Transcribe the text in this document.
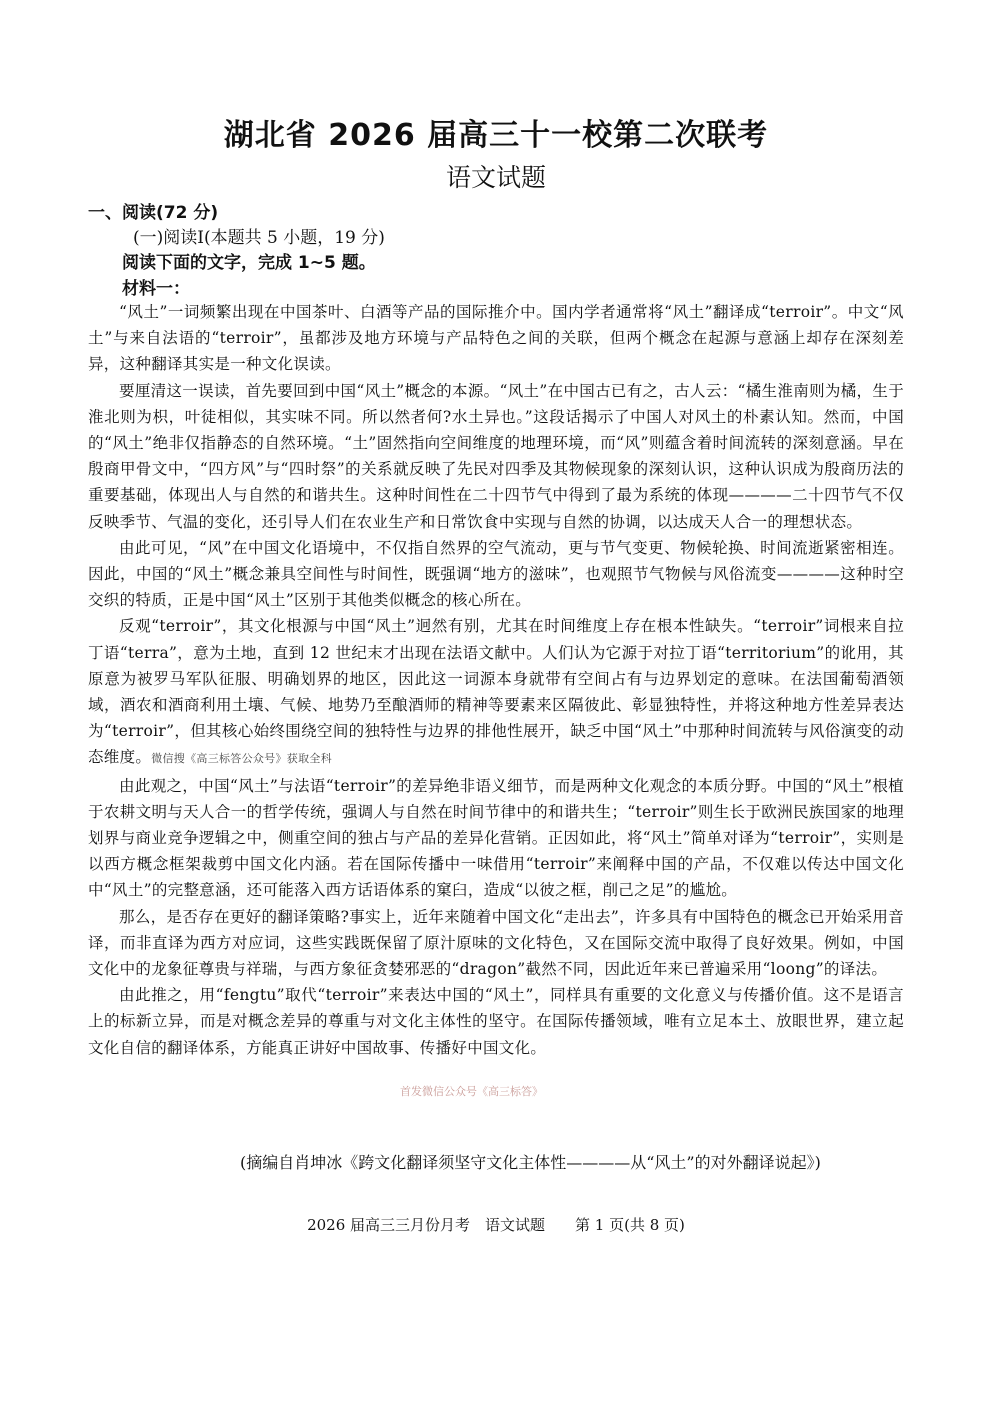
湖北省 2026 届高三十一校第二次联考
语文试题
一、阅读(72 分)
(一)阅读Ⅰ(本题共 5 小题，19 分)
阅读下面的文字，完成 1~5 题。
材料一：

“风土”一词频繁出现在中国茶叶、白酒等产品的国际推介中。国内学者通常将“风土”翻译成“terroir”。中文“风土”与来自法语的“terroir”，虽都涉及地方环境与产品特色之间的关联，但两个概念在起源与意涵上却存在深刻差异，这种翻译其实是一种文化误读。

要厘清这一误读，首先要回到中国“风土”概念的本源。“风土”在中国古已有之，古人云：“橘生淮南则为橘，生于淮北则为枳，叶徒相似，其实味不同。所以然者何?水土异也。”这段话揭示了中国人对风土的朴素认知。然而，中国的“风土”绝非仅指静态的自然环境。“土”固然指向空间维度的地理环境，而“风”则蕴含着时间流转的深刻意涵。早在殷商甲骨文中，“四方风”与“四时祭”的关系就反映了先民对四季及其物候现象的深刻认识，这种认识成为殷商历法的重要基础，体现出人与自然的和谐共生。这种时间性在二十四节气中得到了最为系统的体现————二十四节气不仅反映季节、气温的变化，还引导人们在农业生产和日常饮食中实现与自然的协调，以达成天人合一的理想状态。

由此可见，“风”在中国文化语境中，不仅指自然界的空气流动，更与节气变更、物候轮换、时间流逝紧密相连。因此，中国的“风土”概念兼具空间性与时间性，既强调“地方的滋味”，也观照节气物候与风俗流变————这种时空交织的特质，正是中国“风土”区别于其他类似概念的核心所在。

反观“terroir”，其文化根源与中国“风土”迥然有别，尤其在时间维度上存在根本性缺失。“terroir”词根来自拉丁语“terra”，意为土地，直到 12 世纪末才出现在法语文献中。人们认为它源于对拉丁语“territorium”的讹用，其原意为被罗马军队征服、明确划界的地区，因此这一词源本身就带有空间占有与边界划定的意味。在法国葡萄酒领域，酒农和酒商利用土壤、气候、地势乃至酿酒师的精神等要素来区隔彼此、彰显独特性，并将这种地方性差异表达为“terroir”，但其核心始终围绕空间的独特性与边界的排他性展开，缺乏中国“风土”中那种时间流转与风俗演变的动态维度。微信搜《高三标答公众号》获取全科

由此观之，中国“风土”与法语“terroir”的差异绝非语义细节，而是两种文化观念的本质分野。中国的“风土”根植于农耕文明与天人合一的哲学传统，强调人与自然在时间节律中的和谐共生；“terroir”则生长于欧洲民族国家的地理划界与商业竞争逻辑之中，侧重空间的独占与产品的差异化营销。正因如此，将“风土”简单对译为“terroir”，实则是以西方概念框架裁剪中国文化内涵。若在国际传播中一味借用“terroir”来阐释中国的产品，不仅难以传达中国文化中“风土”的完整意涵，还可能落入西方话语体系的窠臼，造成“以彼之框，削己之足”的尴尬。

那么，是否存在更好的翻译策略?事实上，近年来随着中国文化“走出去”，许多具有中国特色的概念已开始采用音译，而非直译为西方对应词，这些实践既保留了原汁原味的文化特色，又在国际交流中取得了良好效果。例如，中国文化中的龙象征尊贵与祥瑞，与西方象征贪婪邪恶的“dragon”截然不同，因此近年来已普遍采用“loong”的译法。

由此推之，用“fengtu”取代“terroir”来表达中国的“风土”，同样具有重要的文化意义与传播价值。这不是语言上的标新立异，而是对概念差异的尊重与对文化主体性的坚守。在国际传播领域，唯有立足本土、放眼世界，建立起文化自信的翻译体系，方能真正讲好中国故事、传播好中国文化。

首发微信公众号《高三标答》
(摘编自肖坤冰《跨文化翻译须坚守文化主体性————从“风土”的对外翻译说起》)
2026 届高三三月份月考　语文试题　　第 1 页(共 8 页)
